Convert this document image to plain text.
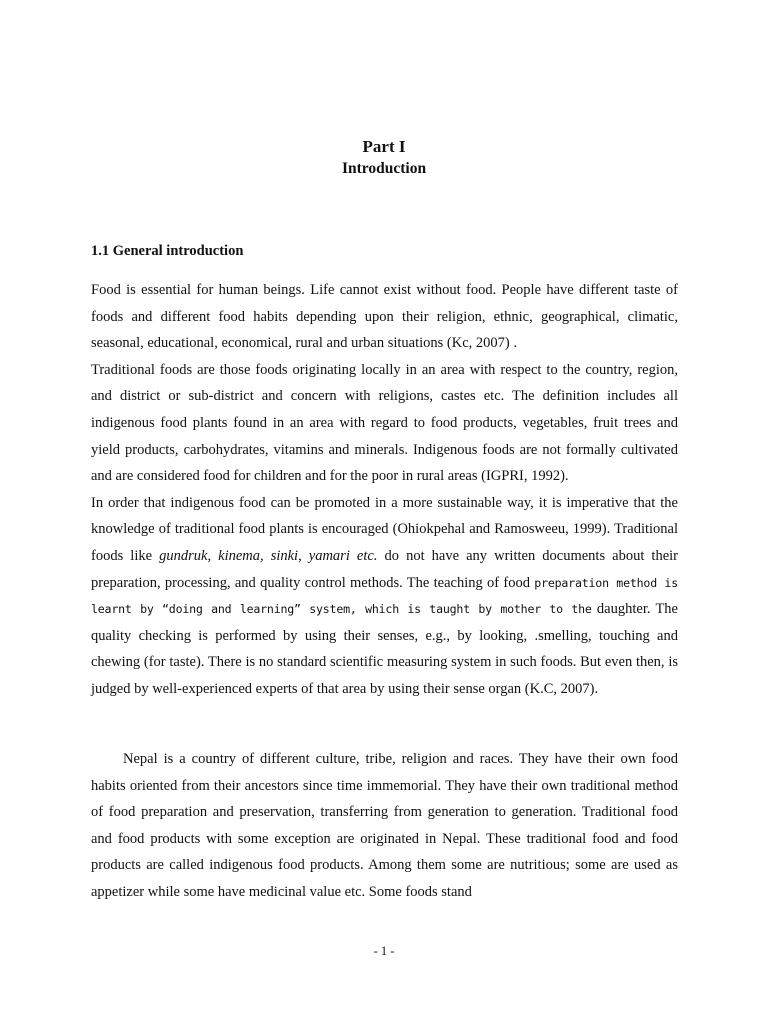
Part I
Introduction
1.1 General introduction

Food is essential for human beings. Life cannot exist without food. People have different taste of foods and different food habits depending upon their religion, ethnic, geographical, climatic, seasonal, educational, economical, rural and urban situations (Kc, 2007) .

Traditional foods are those foods originating locally in an area with respect to the country, region, and district or sub-district and concern with religions, castes etc. The definition includes all indigenous food plants found in an area with regard to food products, vegetables, fruit trees and yield products, carbohydrates, vitamins and minerals. Indigenous foods are not formally cultivated and are considered food for children and for the poor in rural areas (IGPRI, 1992).

In order that indigenous food can be promoted in a more sustainable way, it is imperative that the knowledge of traditional food plants is encouraged (Ohiokpehal and Ramosweeu, 1999). Traditional foods like gundruk, kinema, sinki, yamari etc. do not have any written documents about their preparation, processing, and quality control methods. The teaching of food preparation method is learnt by “doing and learning” system, which is taught by mother to the daughter. The quality checking is performed by using their senses, e.g., by looking, .smelling, touching and chewing (for taste). There is no standard scientific measuring system in such foods. But even then, is judged by well-experienced experts of that area by using their sense organ (K.C, 2007).

Nepal is a country of different culture, tribe, religion and races. They have their own food habits oriented from their ancestors since time immemorial. They have their own traditional method of food preparation and preservation, transferring from generation to generation. Traditional food and food products with some exception are originated in Nepal. These traditional food and food products are called indigenous food products. Among them some are nutritious; some are used as appetizer while some have medicinal value etc. Some foods stand

- 1 -
